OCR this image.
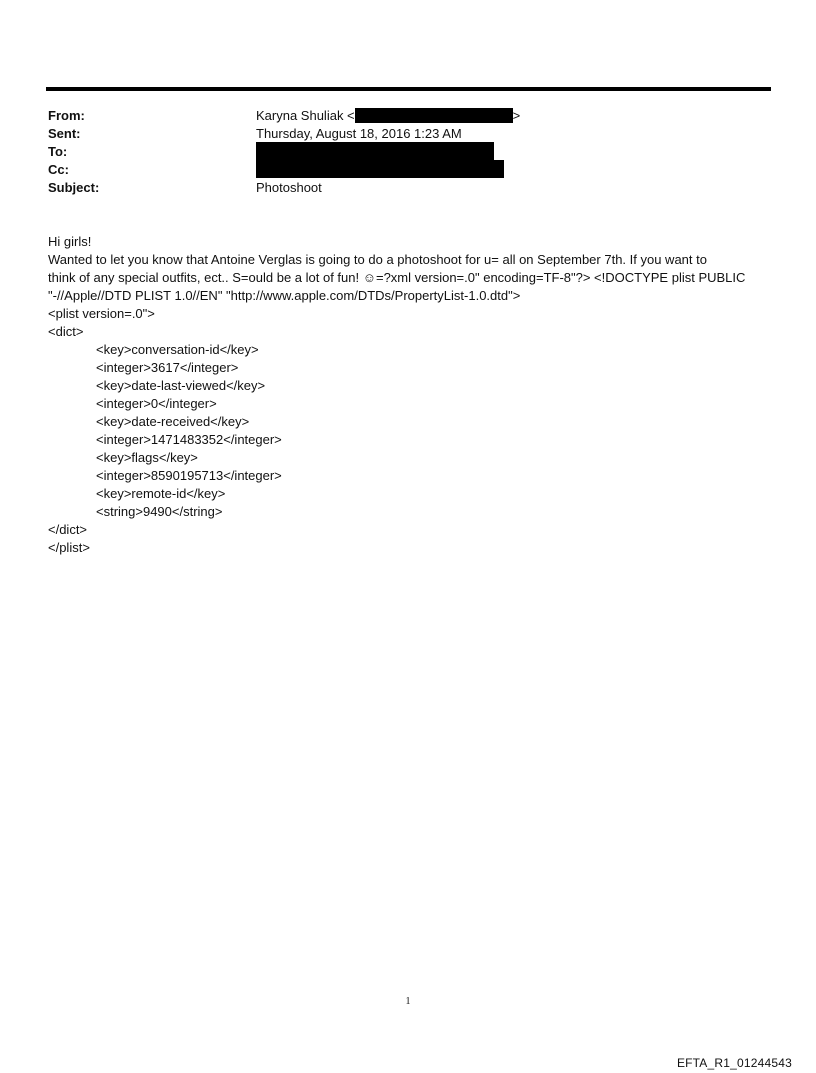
From:	Karyna Shuliak <	>
Sent:	Thursday, August 18, 2016 1:23 AM
To:
Cc:
Subject:	Photoshoot
Hi girls!
Wanted to let you know that Antoine Verglas is going to do a photoshoot for u= all on September 7th. If you want to
think of any special outfits, ect.. S=ould be a lot of fun! ☺=?xml version=.0" encoding=TF-8"?> <!DOCTYPE plist PUBLIC
"-//Apple//DTD PLIST 1.0//EN" "http://www.apple.com/DTDs/PropertyList-1.0.dtd">
<plist version=.0">
<dict>
<key>conversation-id</key>
<integer>3617</integer>
<key>date-last-viewed</key>
<integer>0</integer>
<key>date-received</key>
<integer>1471483352</integer>
<key>flags</key>
<integer>8590195713</integer>
<key>remote-id</key>
<string>9490</string>
</dict>
</plist>
1
EFTA_R1_01244543
